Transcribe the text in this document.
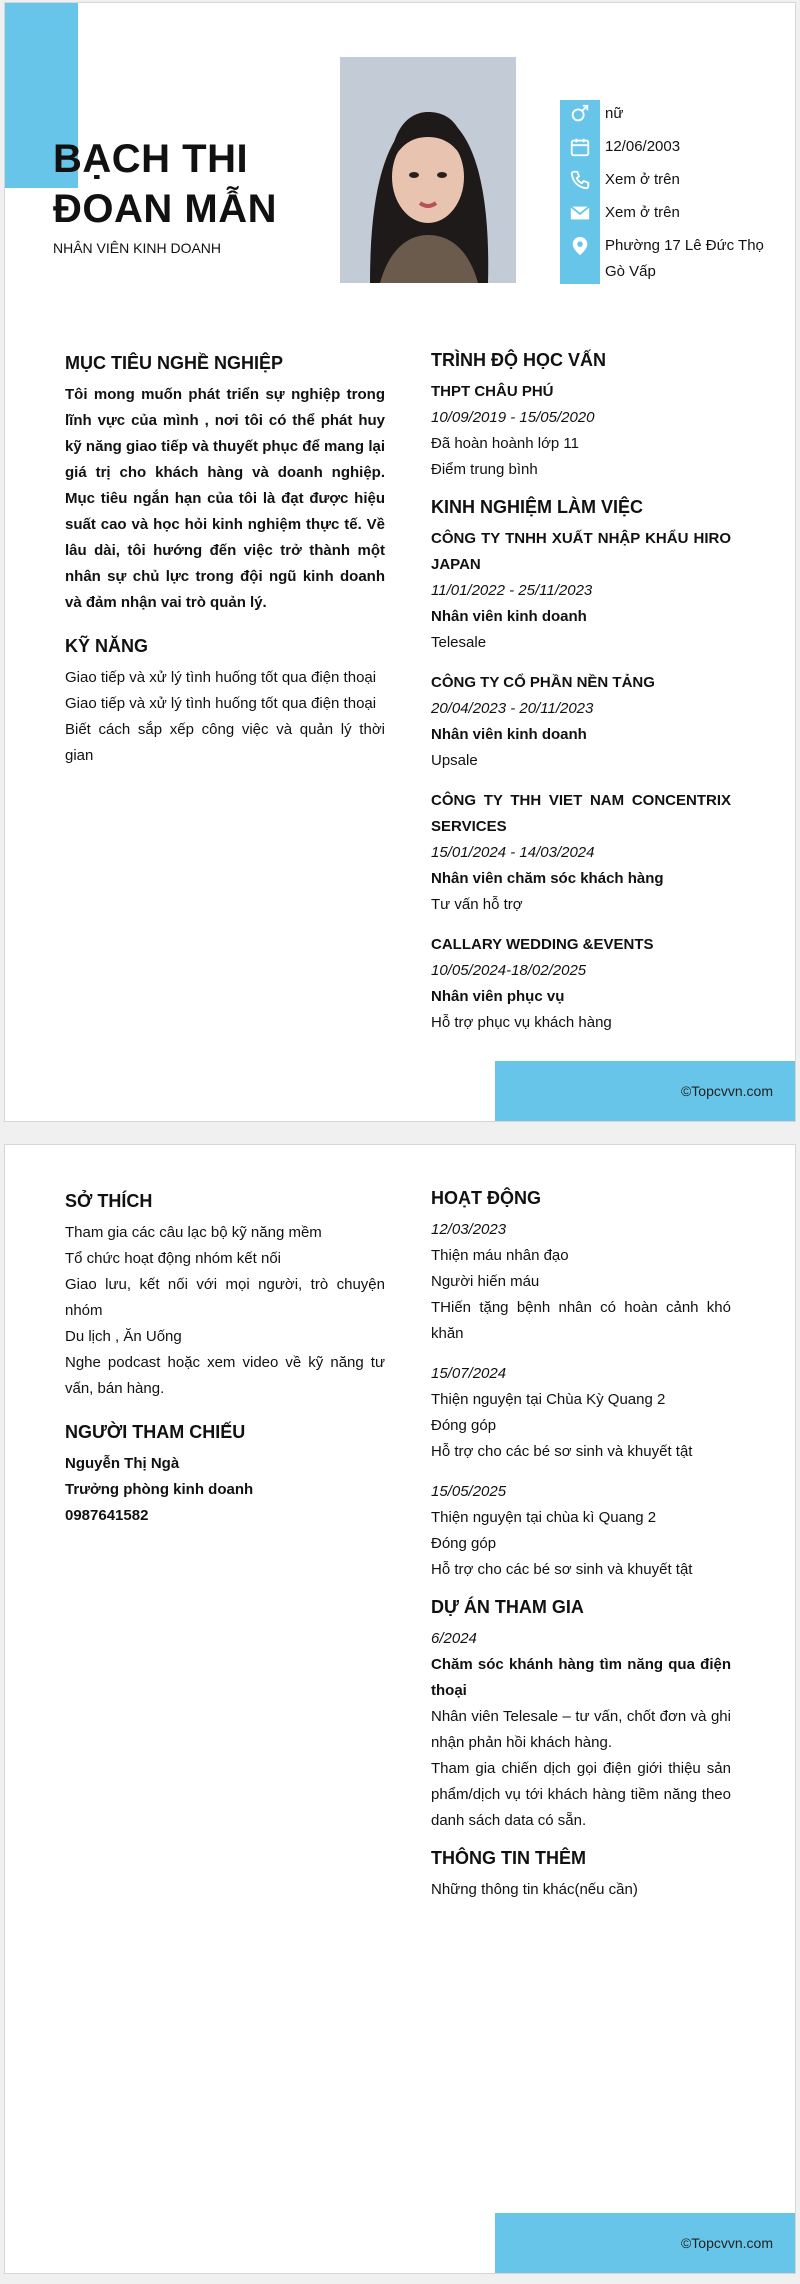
BẠCH THI
ĐOAN MẪN
NHÂN VIÊN KINH DOANH
nữ
12/06/2003
Xem ở trên
Xem ở trên
Phường 17 Lê Đức Thọ Gò Vấp
MỤC TIÊU NGHỀ NGHIỆP
Tôi mong muốn phát triển sự nghiệp trong lĩnh vực của mình , nơi tôi có thể phát huy kỹ năng giao tiếp và thuyết phục để mang lại giá trị cho khách hàng và doanh nghiệp. Mục tiêu ngắn hạn của tôi là đạt được hiệu suất cao và học hỏi kinh nghiệm thực tế. Về lâu dài, tôi hướng đến việc trở thành một nhân sự chủ lực trong đội ngũ kinh doanh và đảm nhận vai trò quản lý.
KỸ NĂNG
Giao tiếp và xử lý tình huống tốt qua điện thoại
Giao tiếp và xử lý tình huống tốt qua điện thoại
Biết cách sắp xếp công việc và quản lý thời gian
TRÌNH ĐỘ HỌC VẤN
THPT CHÂU PHÚ
10/09/2019 - 15/05/2020
Đã hoàn hoành lớp 11
Điểm trung bình
KINH NGHIỆM LÀM VIỆC
CÔNG TY TNHH XUẤT NHẬP KHẨU HIRO JAPAN
11/01/2022 - 25/11/2023
Nhân viên kinh doanh
Telesale
CÔNG TY CỔ PHẦN NỀN TẢNG
20/04/2023 - 20/11/2023
Nhân viên kinh doanh
Upsale
CÔNG TY THH VIET NAM CONCENTRIX SERVICES
15/01/2024 - 14/03/2024
Nhân viên chăm sóc khách hàng
Tư vấn hỗ trợ
CALLARY WEDDING &EVENTS
10/05/2024-18/02/2025
Nhân viên phục vụ
Hỗ trợ phục vụ khách hàng
©Topcvvn.com
SỞ THÍCH
Tham gia các câu lạc bộ kỹ năng mềm
Tổ chức hoạt động nhóm kết nối
Giao lưu, kết nối với mọi người, trò chuyện nhóm
Du lịch , Ăn Uống
Nghe podcast hoặc xem video về kỹ năng tư vấn, bán hàng.
NGƯỜI THAM CHIẾU
Nguyễn Thị Ngà
Trưởng phòng kinh doanh
0987641582
HOẠT ĐỘNG
12/03/2023
Thiện máu nhân đạo
Người hiến máu
THiến tặng bệnh nhân có hoàn cảnh khó khăn
15/07/2024
Thiện nguyện tại Chùa Kỳ Quang 2
Đóng góp
Hỗ trợ cho các bé sơ sinh và khuyết tật
15/05/2025
Thiện nguyện tại chùa kì Quang 2
Đóng góp
Hỗ trợ cho các bé sơ sinh và khuyết tật
DỰ ÁN THAM GIA
6/2024
Chăm sóc khánh hàng tìm năng qua điện thoại
Nhân viên Telesale – tư vấn, chốt đơn và ghi nhận phản hồi khách hàng.
Tham gia chiến dịch gọi điện giới thiệu sản phẩm/dịch vụ tới khách hàng tiềm năng theo danh sách data có sẵn.
THÔNG TIN THÊM
Những thông tin khác(nếu cần)
©Topcvvn.com
